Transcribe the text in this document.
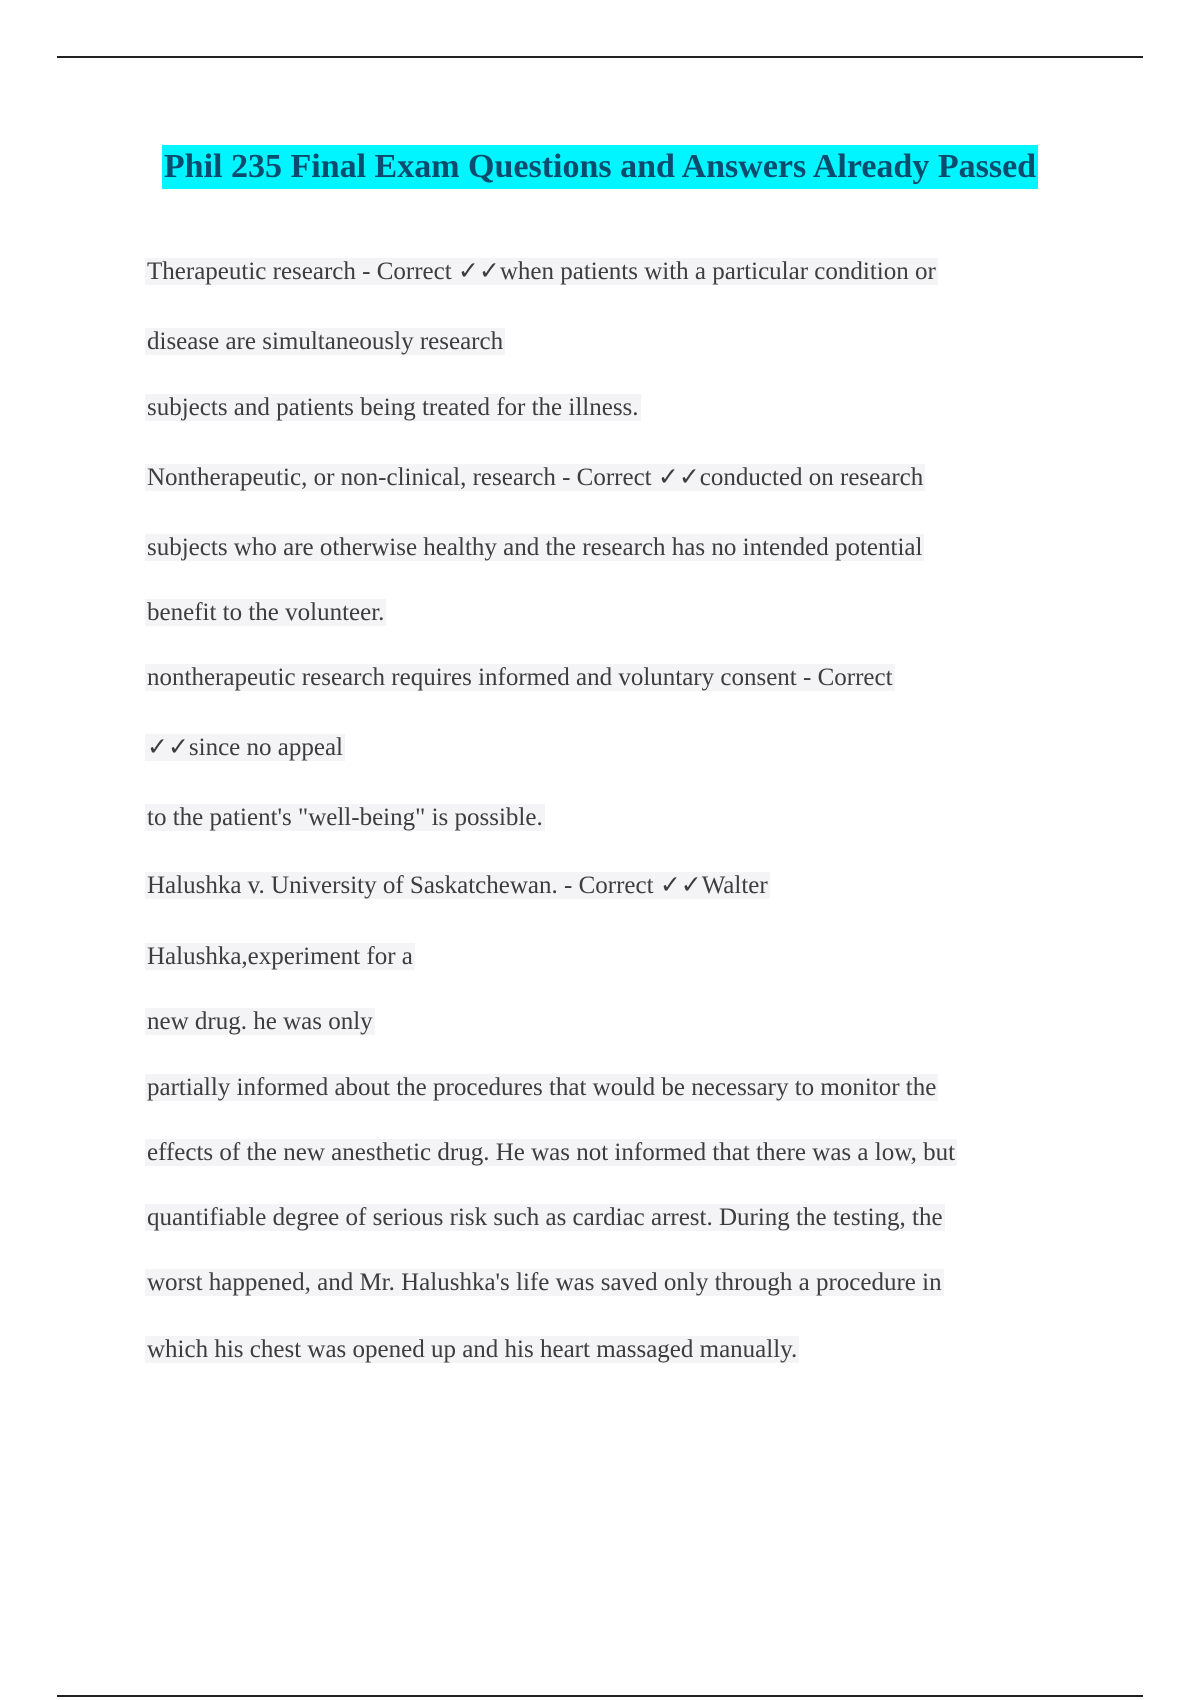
Phil 235 Final Exam Questions and Answers Already Passed
Therapeutic research - Correct ✓✓when patients with a particular condition or
disease are simultaneously research
subjects and patients being treated for the illness.
Nontherapeutic, or non-clinical, research - Correct ✓✓conducted on research
subjects who are otherwise healthy and the research has no intended potential
benefit to the volunteer.
nontherapeutic research requires informed and voluntary consent - Correct
✓✓since no appeal
to the patient's "well-being" is possible.
Halushka v. University of Saskatchewan. - Correct ✓✓Walter
Halushka,experiment for a
new drug. he was only
partially informed about the procedures that would be necessary to monitor the
effects of the new anesthetic drug. He was not informed that there was a low, but
quantifiable degree of serious risk such as cardiac arrest. During the testing, the
worst happened, and Mr. Halushka's life was saved only through a procedure in
which his chest was opened up and his heart massaged manually.
